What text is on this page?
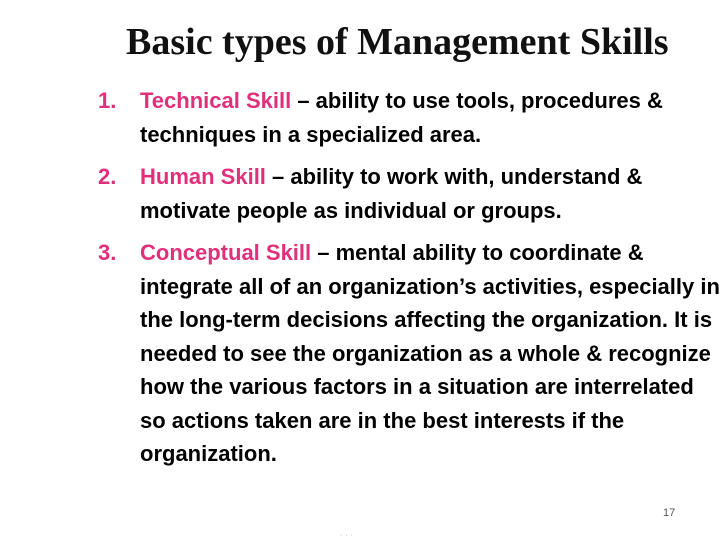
Basic types of Management Skills
1. Technical Skill – ability to use tools, procedures & techniques in a specialized area.
2. Human Skill – ability to work with, understand & motivate people as individual or groups.
3. Conceptual Skill – mental ability to coordinate & integrate all of an organization’s activities, especially in the long-term decisions affecting the organization. It is needed to see the organization as a whole & recognize how the various factors in a situation are interrelated so actions taken are in the best interests if the organization.
17
···
